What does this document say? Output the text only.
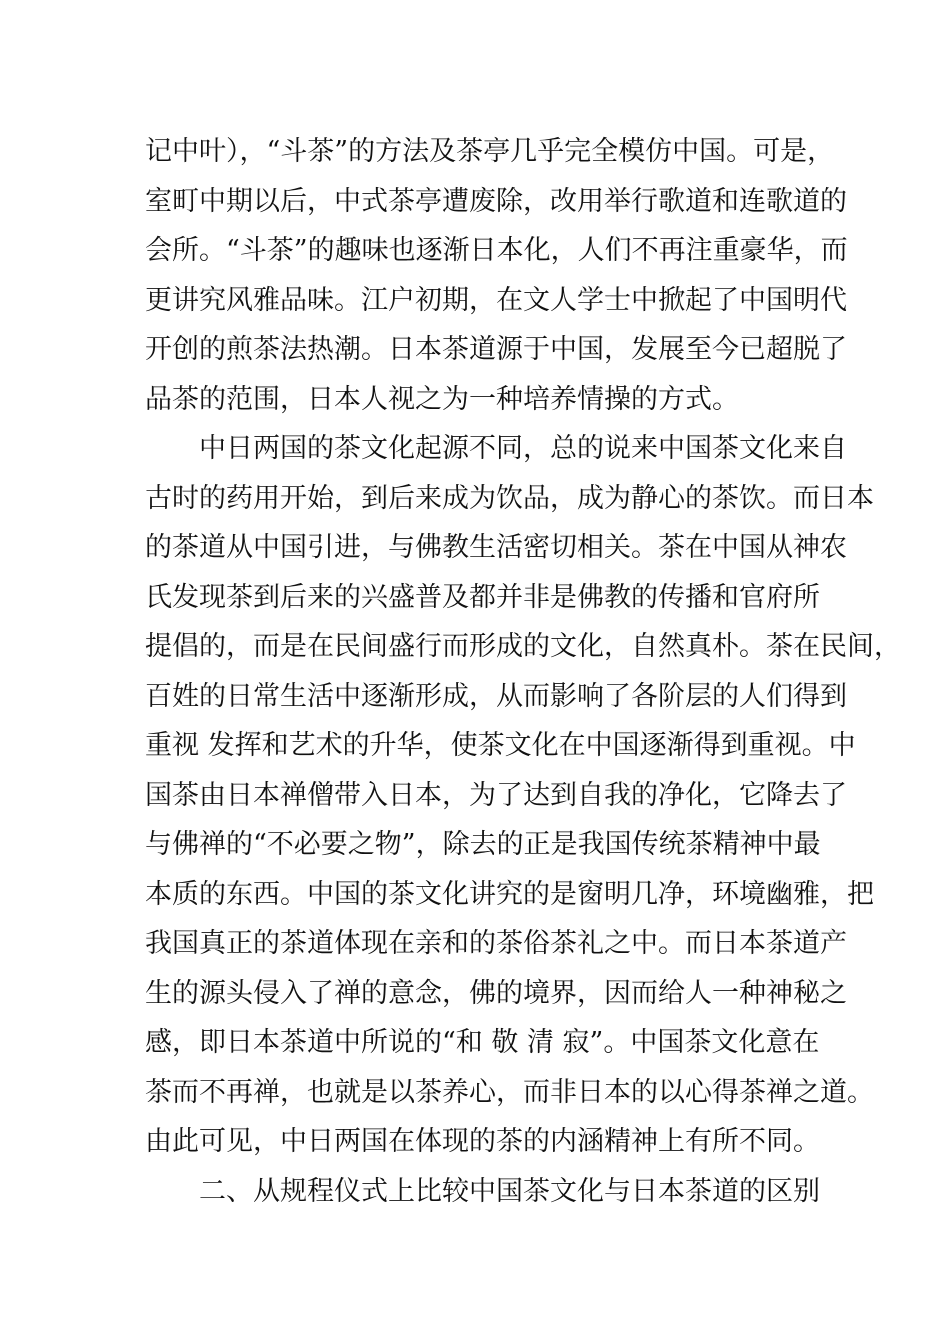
记中叶），“斗茶”的方法及茶亭几乎完全模仿中国。可是，
室町中期以后，中式茶亭遭废除，改用举行歌道和连歌道的
会所。“斗茶”的趣味也逐渐日本化，人们不再注重豪华，而
更讲究风雅品味。江户初期，在文人学士中掀起了中国明代
开创的煎茶法热潮。日本茶道源于中国，发展至今已超脱了
品茶的范围，日本人视之为一种培养情操的方式。
中日两国的茶文化起源不同，总的说来中国茶文化来自
古时的药用开始，到后来成为饮品，成为静心的茶饮。而日本
的茶道从中国引进，与佛教生活密切相关。茶在中国从神农
氏发现茶到后来的兴盛普及都并非是佛教的传播和官府所
提倡的，而是在民间盛行而形成的文化，自然真朴。茶在民间，
百姓的日常生活中逐渐形成，从而影响了各阶层的人们得到
重视 发挥和艺术的升华，使茶文化在中国逐渐得到重视。中
国茶由日本禅僧带入日本，为了达到自我的净化，它降去了
与佛禅的“不必要之物”，除去的正是我国传统茶精神中最
本质的东西。中国的茶文化讲究的是窗明几净，环境幽雅，把
我国真正的茶道体现在亲和的茶俗茶礼之中。而日本茶道产
生的源头侵入了禅的意念，佛的境界，因而给人一种神秘之
感，即日本茶道中所说的“和 敬 清 寂”。中国茶文化意在
茶而不再禅，也就是以茶养心，而非日本的以心得茶禅之道。
由此可见，中日两国在体现的茶的内涵精神上有所不同。
二、从规程仪式上比较中国茶文化与日本茶道的区别
